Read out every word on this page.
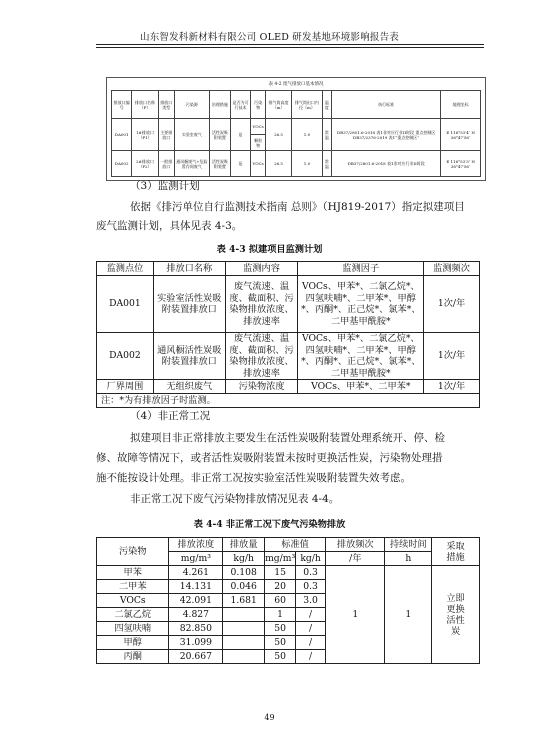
山东智发科新材料有限公司 OLED 研发基地环境影响报告表
表 4-2 废气排放口基本情况
排放口编号	排放口名称（P）	排放口类型	污染源	治理措施	是否为可行技术	污染物	排气筒高度（m）	排气筒出口内径（m）	温度	执行标准	地理坐标
DA001	1#排放口（P1）	主要排放口	实验室废气	活性炭吸附装置	是	VOCs	26.5	1.0	常温	DB37/2801.6-2018 表1非对应行业II时段 重点控制区 DB37/2376-2019 表1“重点控制区”	E 116°53′4″ N 36°47′56″
						颗粒物					
DA002	2#排放口（P2）	一般排放口	通风橱废气+危险暂存间废气	活性炭吸附装置	是	VOCs	26.5	1.0	常温	DB37/2801.6-2018 表1非对应行业II时段	E 116°53′3″ N 36°47′56″
（3）监测计划
依据《排污单位自行监测技术指南 总则》（HJ819-2017）指定拟建项目
废气监测计划，具体见表 4-3。
表 4-3 拟建项目监测计划
监测点位	排放口名称	监测内容	监测因子	监测频次
DA001	实验室活性炭吸附装置排放口	废气流速、温度、截面积、污染物排放浓度、排放速率	VOCs、甲苯*、二氯乙烷*、四氢呋喃*、二甲苯*、甲醇*、丙酮*、正己烷*、氯苯*、二甲基甲酰胺*	1次/年
DA002	通风橱活性炭吸附装置排放口	废气流速、温度、截面积、污染物排放浓度、排放速率	VOCs、甲苯*、二氯乙烷*、四氢呋喃*、二甲苯*、甲醇*、丙酮*、正己烷*、氯苯*、二甲基甲酰胺*	1次/年
厂界周围	无组织废气	污染物浓度	VOCs、甲苯*、二甲苯*	1次/年
注：*为有排放因子时监测。				
（4）非正常工况
拟建项目非正常排放主要发生在活性炭吸附装置处理系统开、停、检
修、故障等情况下，或者活性炭吸附装置未按时更换活性炭，污染物处理措
施不能按设计处理。非正常工况按实验室活性炭吸附装置失效考虑。
非正常工况下废气污染物排放情况见表 4-4。
表 4-4 非正常工况下废气污染物排放
污染物	排放浓度	排放量	标准值		排放频次	持续时间	采取措施
	mg/m³	kg/h	mg/m³	kg/h	/年	h	
甲苯	4.261	0.108	15	0.3	1	1	立即更换活性炭
二甲苯	14.131	0.046	20	0.3			
VOCs	42.091	1.681	60	3.0			
二氯乙烷	4.827		1	/			
四氢呋喃	82.850		50	/			
甲醇	31.099		50	/			
丙酮	20.667		50	/			
49
